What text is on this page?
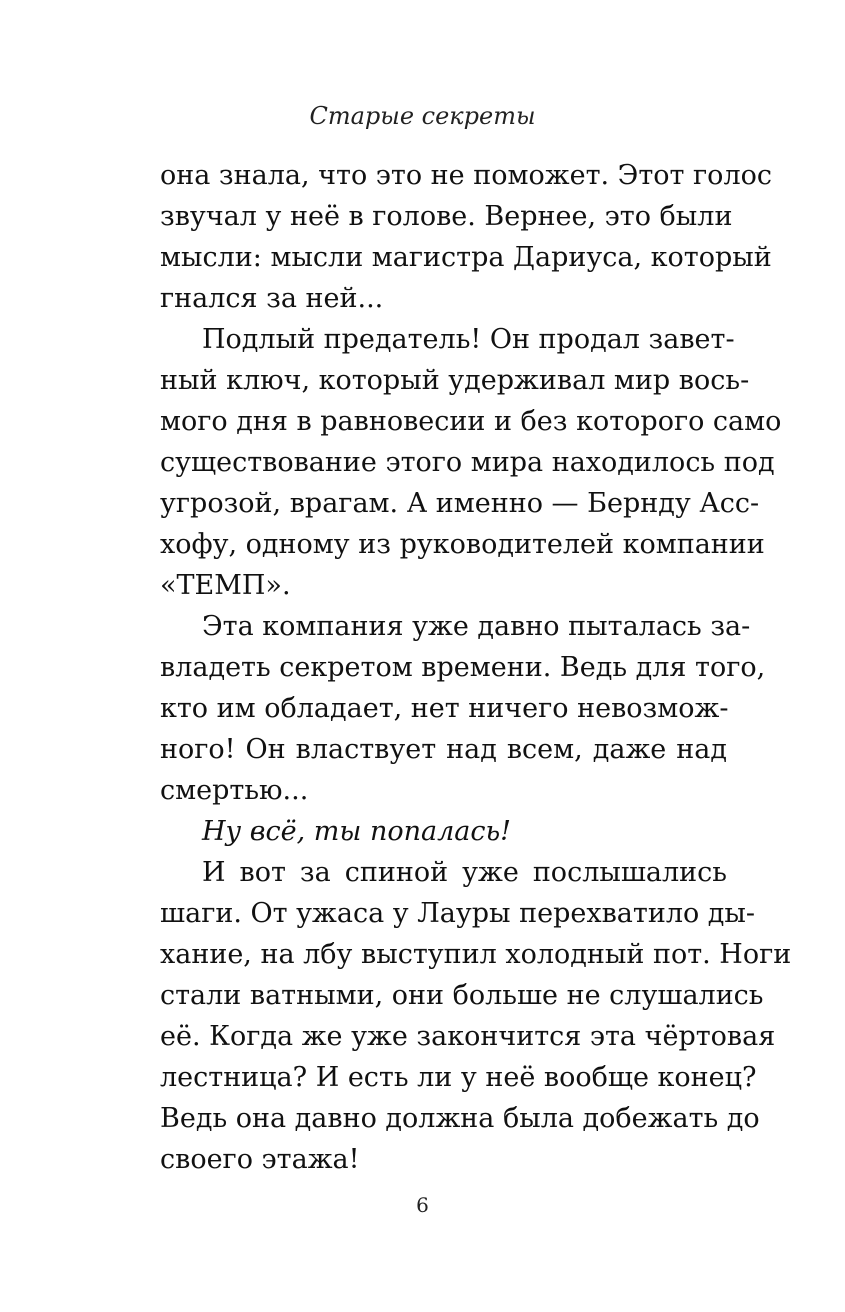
Старые секреты
она знала, что это не поможет. Этот голос
звучал у неё в голове. Вернее, это были
мысли: мысли магистра Дариуса, который
гнался за ней...
Подлый предатель! Он продал завет-
ный ключ, который удерживал мир вось-
мого дня в равновесии и без которого само
существование этого мира находилось под
угрозой, врагам. А именно — Бернду Асс-
хофу, одному из руководителей компании
«ТЕМП».
Эта компания уже давно пыталась за-
владеть секретом времени. Ведь для того,
кто им обладает, нет ничего невозмож-
ного! Он властвует над всем, даже над
смертью...
Ну всё, ты попалась!
И вот за спиной уже послышались
шаги. От ужаса у Лауры перехватило ды-
хание, на лбу выступил холодный пот. Ноги
стали ватными, они больше не слушались
её. Когда же уже закончится эта чёртовая
лестница? И есть ли у неё вообще конец?
Ведь она давно должна была добежать до
своего этажа!
6
